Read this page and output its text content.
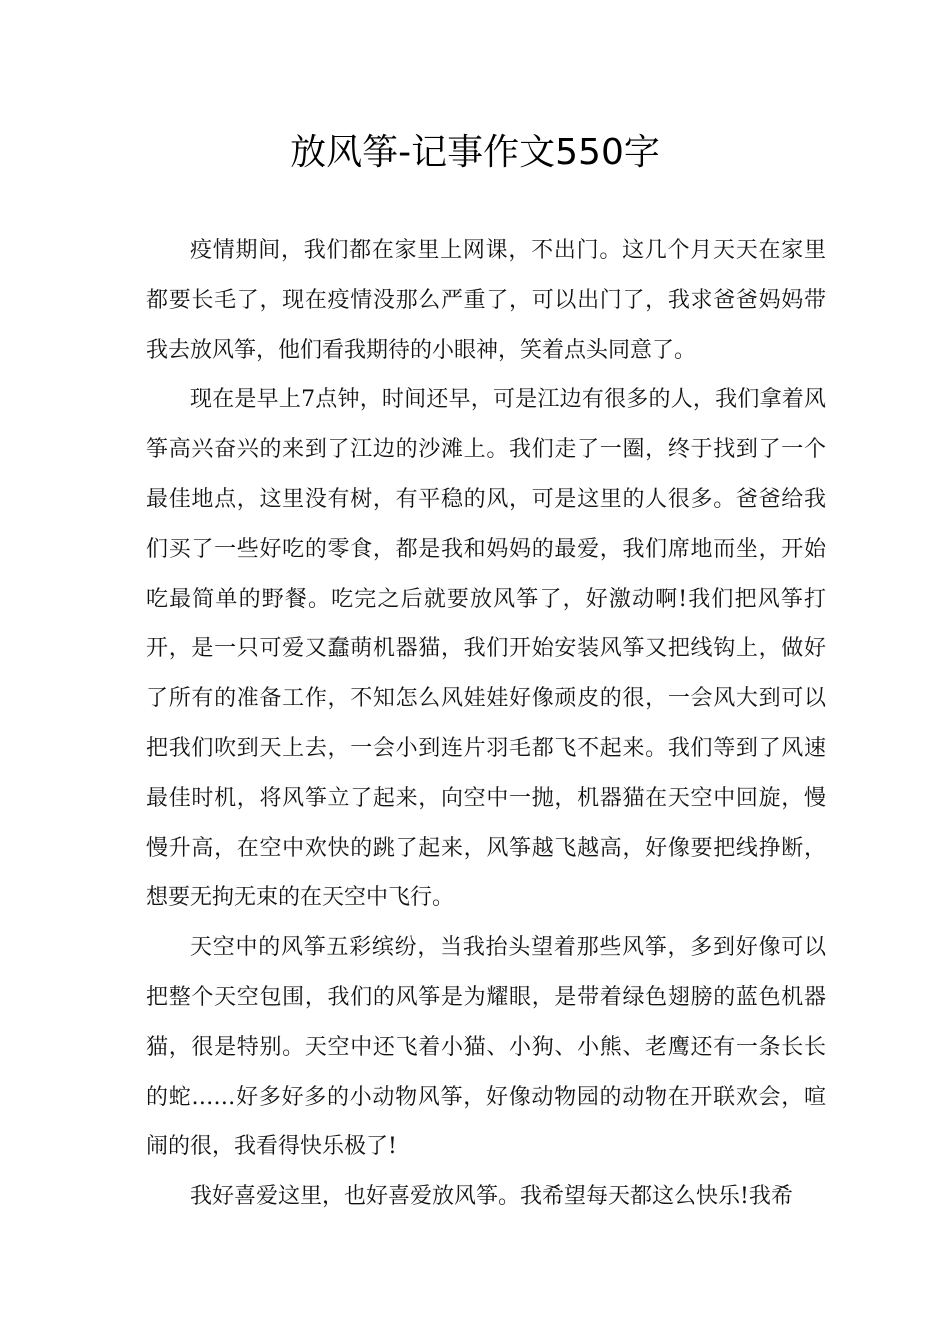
放风筝-记事作文550字

疫情期间，我们都在家里上网课，不出门。这几个月天天在家里都要长毛了，现在疫情没那么严重了，可以出门了，我求爸爸妈妈带我去放风筝，他们看我期待的小眼神，笑着点头同意了。

现在是早上7点钟，时间还早，可是江边有很多的人，我们拿着风筝高兴奋兴的来到了江边的沙滩上。我们走了一圈，终于找到了一个最佳地点，这里没有树，有平稳的风，可是这里的人很多。爸爸给我们买了一些好吃的零食，都是我和妈妈的最爱，我们席地而坐，开始吃最简单的野餐。吃完之后就要放风筝了，好激动啊!我们把风筝打开，是一只可爱又蠢萌机器猫，我们开始安装风筝又把线钩上，做好了所有的准备工作，不知怎么风娃娃好像顽皮的很，一会风大到可以把我们吹到天上去，一会小到连片羽毛都飞不起来。我们等到了风速最佳时机，将风筝立了起来，向空中一抛，机器猫在天空中回旋，慢慢升高，在空中欢快的跳了起来，风筝越飞越高，好像要把线挣断，想要无拘无束的在天空中飞行。

天空中的风筝五彩缤纷，当我抬头望着那些风筝，多到好像可以把整个天空包围，我们的风筝是为耀眼，是带着绿色翅膀的蓝色机器猫，很是特别。天空中还飞着小猫、小狗、小熊、老鹰还有一条长长的蛇……好多好多的小动物风筝，好像动物园的动物在开联欢会，喧闹的很，我看得快乐极了!

我好喜爱这里，也好喜爱放风筝。我希望每天都这么快乐!我希
